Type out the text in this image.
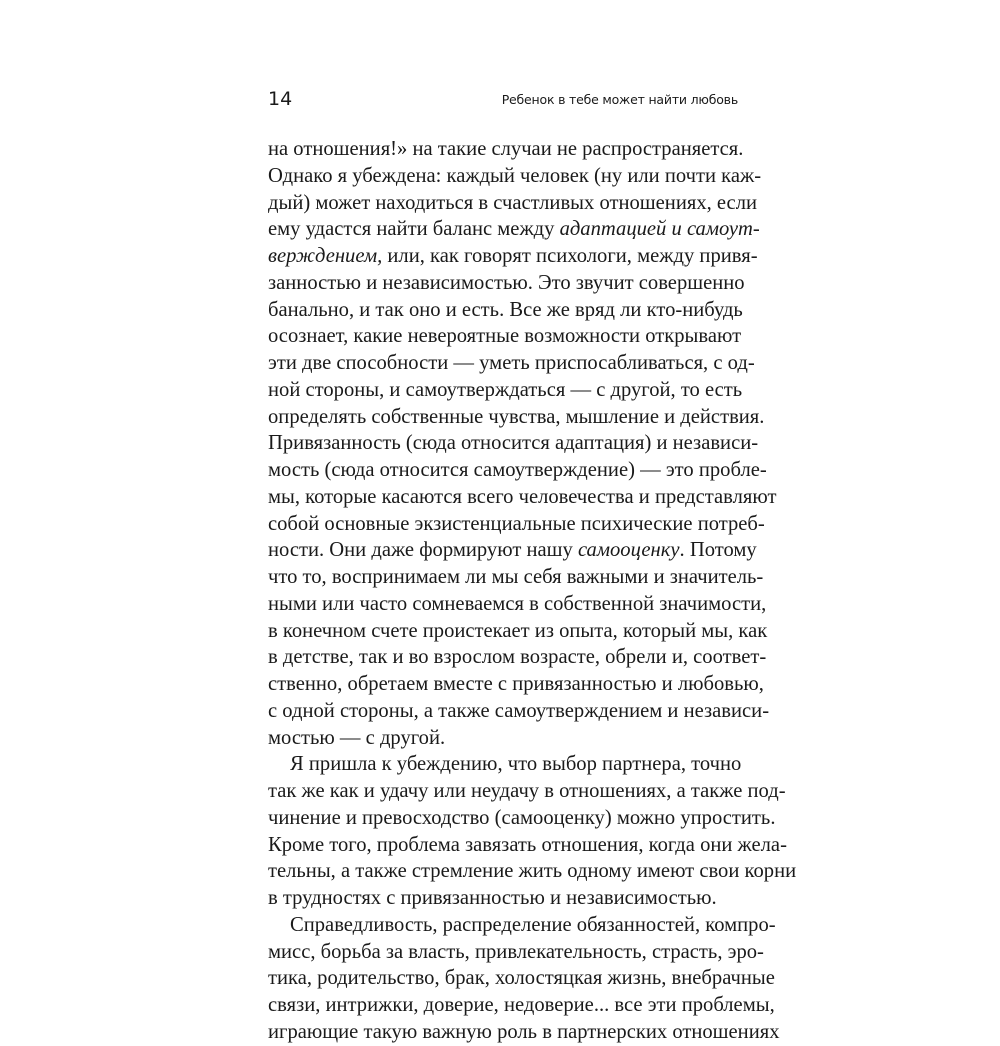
14	Ребенок в тебе может найти любовь
на отношения!» на такие случаи не распространяется.
Однако я убеждена: каждый человек (ну или почти каж-
дый) может находиться в счастливых отношениях, если
ему удастся найти баланс между адаптацией и самоут-
верждением, или, как говорят психологи, между привя-
занностью и независимостью. Это звучит совершенно
банально, и так оно и есть. Все же вряд ли кто-нибудь
осознает, какие невероятные возможности открывают
эти две способности — уметь приспосабливаться, с од-
ной стороны, и самоутверждаться — с другой, то есть
определять собственные чувства, мышление и действия.
Привязанность (сюда относится адаптация) и независи-
мость (сюда относится самоутверждение) — это пробле-
мы, которые касаются всего человечества и представляют
собой основные экзистенциальные психические потреб-
ности. Они даже формируют нашу самооценку. Потому
что то, воспринимаем ли мы себя важными и значитель-
ными или часто сомневаемся в собственной значимости,
в конечном счете проистекает из опыта, который мы, как
в детстве, так и во взрослом возрасте, обрели и, соответ-
ственно, обретаем вместе с привязанностью и любовью,
с одной стороны, а также самоутверждением и независи-
мостью — с другой.
Я пришла к убеждению, что выбор партнера, точно
так же как и удачу или неудачу в отношениях, а также под-
чинение и превосходство (самооценку) можно упростить.
Кроме того, проблема завязать отношения, когда они жела-
тельны, а также стремление жить одному имеют свои корни
в трудностях с привязанностью и независимостью.
Справедливость, распределение обязанностей, компро-
мисс, борьба за власть, привлекательность, страсть, эро-
тика, родительство, брак, холостяцкая жизнь, внебрачные
связи, интрижки, доверие, недоверие... все эти проблемы,
играющие такую важную роль в партнерских отношениях
